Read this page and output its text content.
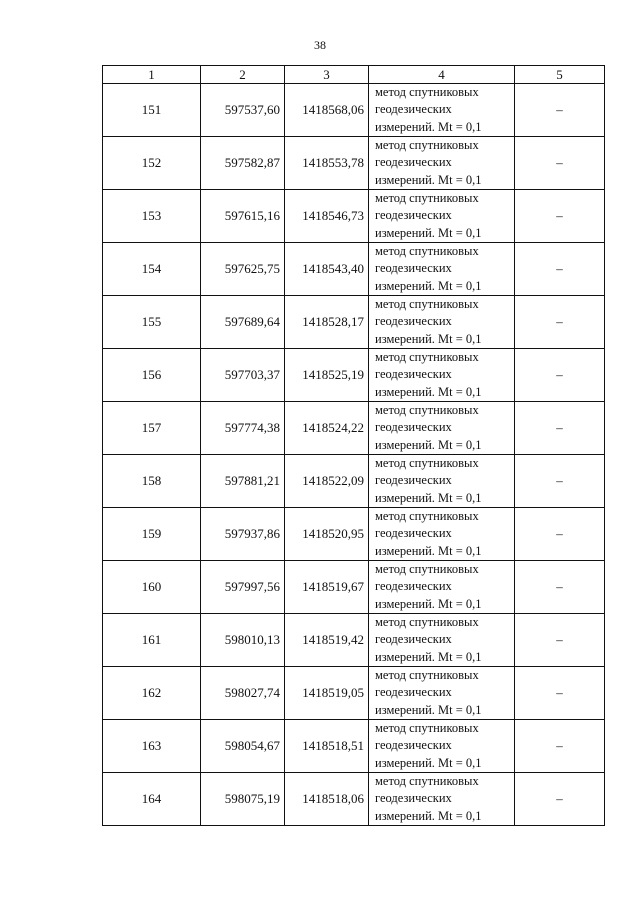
38
1	2	3	4	5
151	597537,60	1418568,06	метод спутниковых
геодезических
измерений. Mt = 0,1	–
152	597582,87	1418553,78	метод спутниковых
геодезических
измерений. Mt = 0,1	–
153	597615,16	1418546,73	метод спутниковых
геодезических
измерений. Mt = 0,1	–
154	597625,75	1418543,40	метод спутниковых
геодезических
измерений. Mt = 0,1	–
155	597689,64	1418528,17	метод спутниковых
геодезических
измерений. Mt = 0,1	–
156	597703,37	1418525,19	метод спутниковых
геодезических
измерений. Mt = 0,1	–
157	597774,38	1418524,22	метод спутниковых
геодезических
измерений. Mt = 0,1	–
158	597881,21	1418522,09	метод спутниковых
геодезических
измерений. Mt = 0,1	–
159	597937,86	1418520,95	метод спутниковых
геодезических
измерений. Mt = 0,1	–
160	597997,56	1418519,67	метод спутниковых
геодезических
измерений. Mt = 0,1	–
161	598010,13	1418519,42	метод спутниковых
геодезических
измерений. Mt = 0,1	–
162	598027,74	1418519,05	метод спутниковых
геодезических
измерений. Mt = 0,1	–
163	598054,67	1418518,51	метод спутниковых
геодезических
измерений. Mt = 0,1	–
164	598075,19	1418518,06	метод спутниковых
геодезических
измерений. Mt = 0,1	–
